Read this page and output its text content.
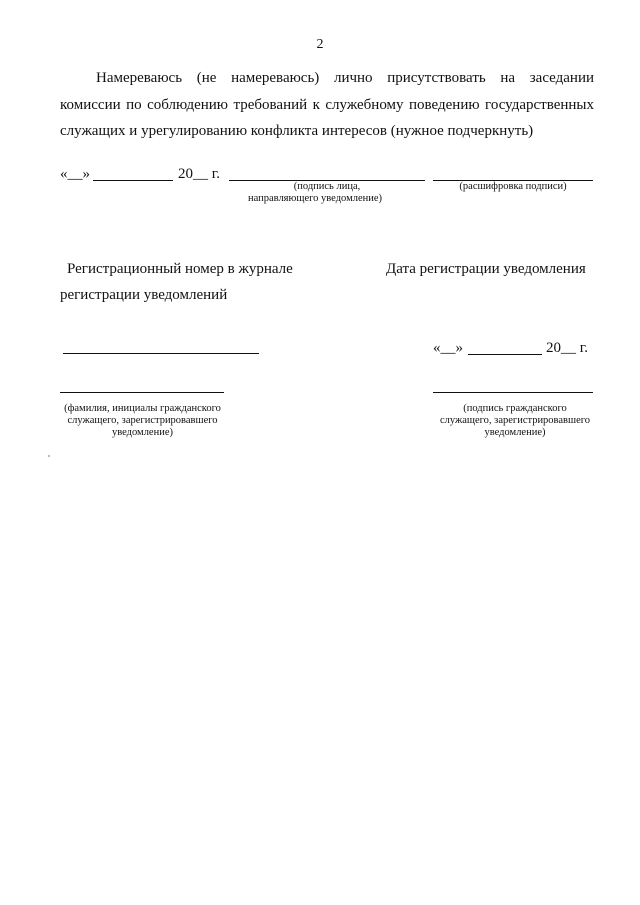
2
Намереваюсь (не намереваюсь) лично присутствовать на заседании
комиссии по соблюдению требований к служебному поведению государственных
служащих и урегулированию конфликта интересов (нужное подчеркнуть)
«__»	20__ г.
(подпись лица,
направляющего уведомление)
(расшифровка подписи)
Регистрационный номер в журнале
регистрации уведомлений
Дата регистрации уведомления
«__»	20__ г.
(фамилия, инициалы гражданского
служащего, зарегистрировавшего
уведомление)
(подпись гражданского
служащего, зарегистрировавшего
уведомление)
